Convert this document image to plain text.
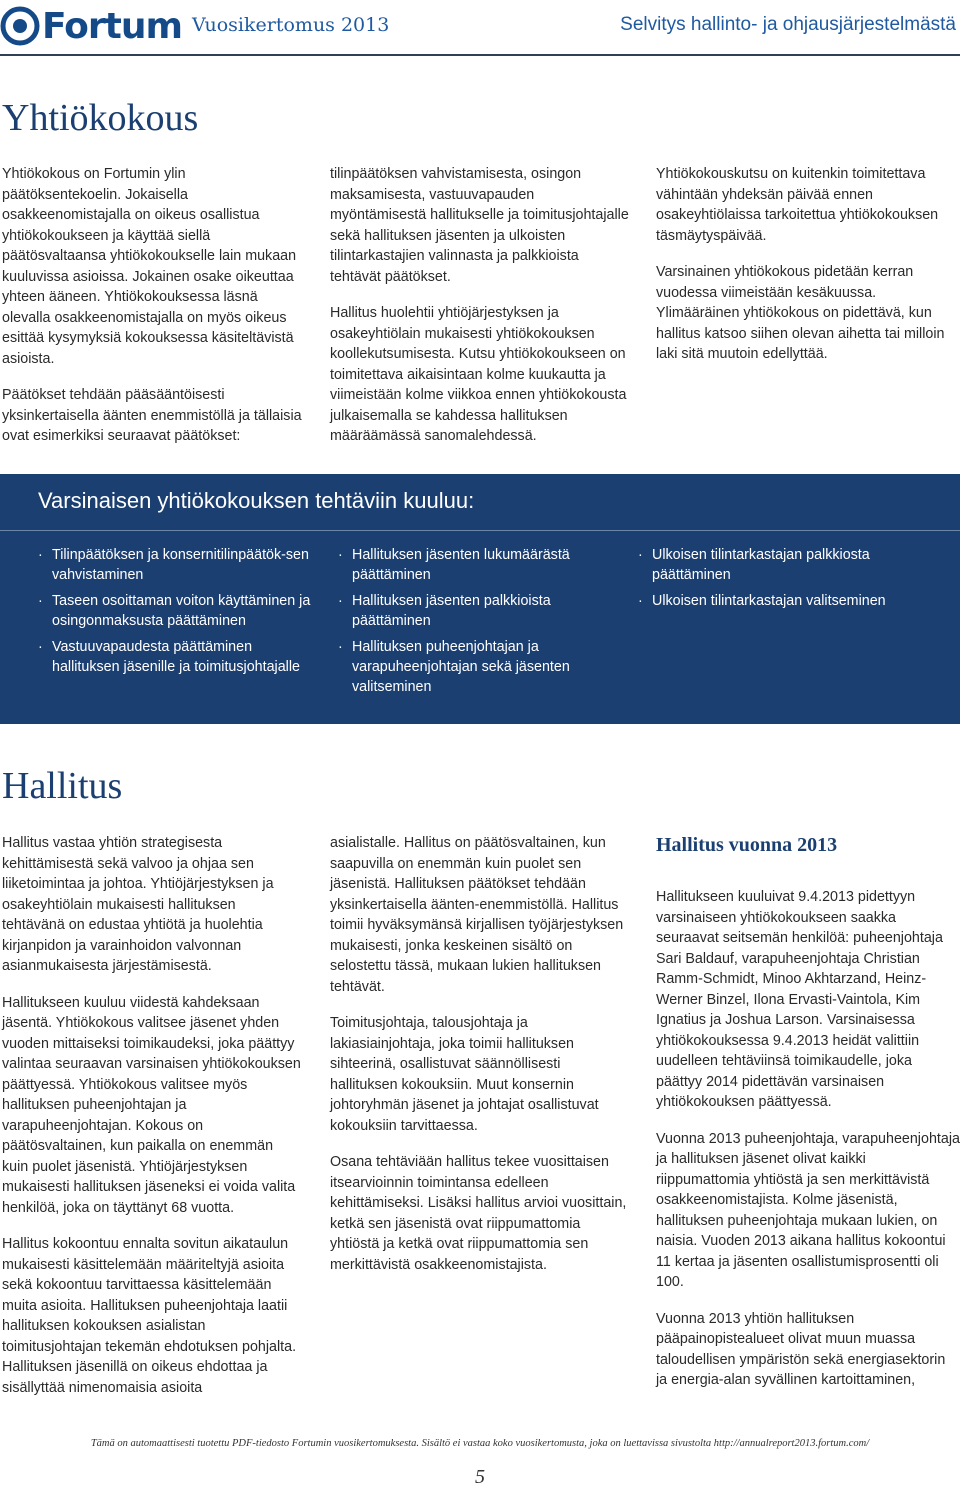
Fortum Vuosikertomus 2013	Selvitys hallinto- ja ohjausjärjestelmästä
Yhtiökokous

Yhtiökokous on Fortumin ylin päätöksentekoelin. Jokaisella osakkeenomistajalla on oikeus osallistua yhtiökokoukseen ja käyttää siellä päätösvaltaansa yhtiökokoukselle lain mukaan kuuluvissa asioissa. Jokainen osake oikeuttaa yhteen ääneen. Yhtiökokouksessa läsnä olevalla osakkeenomistajalla on myös oikeus esittää kysymyksiä kokouksessa käsiteltävistä asioista.

Päätökset tehdään pääsääntöisesti yksinkertaisella äänten enemmistöllä ja tällaisia ovat esimerkiksi seuraavat päätökset:

tilinpäätöksen vahvistamisesta, osingon maksamisesta, vastuuvapauden myöntämisestä hallitukselle ja toimitusjohtajalle sekä hallituksen jäsenten ja ulkoisten tilintarkastajien valinnasta ja palkkioista tehtävät päätökset.

Hallitus huolehtii yhtiöjärjestyksen ja osakeyhtiölain mukaisesti yhtiökokouksen koollekutsumisesta. Kutsu yhtiökokoukseen on toimitettava aikaisintaan kolme kuukautta ja viimeistään kolme viikkoa ennen yhtiökokousta julkaisemalla se kahdessa hallituksen määräämässä sanomalehdessä.

Yhtiökokouskutsu on kuitenkin toimitettava vähintään yhdeksän päivää ennen osakeyhtiölaissa tarkoitettua yhtiökokouksen täsmäytyspäivää.

Varsinainen yhtiökokous pidetään kerran vuodessa viimeistään kesäkuussa. Ylimääräinen yhtiökokous on pidettävä, kun hallitus katsoo siihen olevan aihetta tai milloin laki sitä muutoin edellyttää.

Varsinaisen yhtiökokouksen tehtäviin kuuluu:
· Tilinpäätöksen ja konsernitilinpäätök-sen vahvistaminen
· Taseen osoittaman voiton käyttäminen ja osingonmaksusta päättäminen
· Vastuuvapaudesta päättäminen hallituksen jäsenille ja toimitusjohtajalle
· Hallituksen jäsenten lukumäärästä päättäminen
· Hallituksen jäsenten palkkioista päättäminen
· Hallituksen puheenjohtajan ja varapuheenjohtajan sekä jäsenten valitseminen
· Ulkoisen tilintarkastajan palkkiosta päättäminen
· Ulkoisen tilintarkastajan valitseminen
Hallitus

Hallitus vastaa yhtiön strategisesta kehittämisestä sekä valvoo ja ohjaa sen liiketoimintaa ja johtoa. Yhtiöjärjestyksen ja osakeyhtiölain mukaisesti hallituksen tehtävänä on edustaa yhtiötä ja huolehtia kirjanpidon ja varainhoidon valvonnan asianmukaisesta järjestämisestä.

Hallitukseen kuuluu viidestä kahdeksaan jäsentä. Yhtiökokous valitsee jäsenet yhden vuoden mittaiseksi toimikaudeksi, joka päättyy valintaa seuraavan varsinaisen yhtiökokouksen päättyessä. Yhtiökokous valitsee myös hallituksen puheenjohtajan ja varapuheenjohtajan. Kokous on päätösvaltainen, kun paikalla on enemmän kuin puolet jäsenistä. Yhtiöjärjestyksen mukaisesti hallituksen jäseneksi ei voida valita henkilöä, joka on täyttänyt 68 vuotta.

Hallitus kokoontuu ennalta sovitun aikataulun mukaisesti käsittelemään määriteltyjä asioita sekä kokoontuu tarvittaessa käsittelemään muita asioita. Hallituksen puheenjohtaja laatii hallituksen kokouksen asialistan toimitusjohtajan tekemän ehdotuksen pohjalta. Hallituksen jäsenillä on oikeus ehdottaa ja sisällyttää nimenomaisia asioita

asialistalle. Hallitus on päätösvaltainen, kun saapuvilla on enemmän kuin puolet sen jäsenistä. Hallituksen päätökset tehdään yksinkertaisella äänten-enemmistöllä. Hallitus toimii hyväksymänsä kirjallisen työjärjestyksen mukaisesti, jonka keskeinen sisältö on selostettu tässä, mukaan lukien hallituksen tehtävät.

Toimitusjohtaja, talousjohtaja ja lakiasiainjohtaja, joka toimii hallituksen sihteerinä, osallistuvat säännöllisesti hallituksen kokouksiin. Muut konsernin johtoryhmän jäsenet ja johtajat osallistuvat kokouksiin tarvittaessa.

Osana tehtäviään hallitus tekee vuosittaisen itsearvioinnin toimintansa edelleen kehittämiseksi. Lisäksi hallitus arvioi vuosittain, ketkä sen jäsenistä ovat riippumattomia yhtiöstä ja ketkä ovat riippumattomia sen merkittävistä osakkeenomistajista.

Hallitus vuonna 2013

Hallitukseen kuuluivat 9.4.2013 pidettyyn varsinaiseen yhtiökokoukseen saakka seuraavat seitsemän henkilöä: puheenjohtaja Sari Baldauf, varapuheenjohtaja Christian Ramm-Schmidt, Minoo Akhtarzand, Heinz-Werner Binzel, Ilona Ervasti-Vaintola, Kim Ignatius ja Joshua Larson. Varsinaisessa yhtiökokouksessa 9.4.2013 heidät valittiin uudelleen tehtäviinsä toimikaudelle, joka päättyy 2014 pidettävän varsinaisen yhtiökokouksen päättyessä.

Vuonna 2013 puheenjohtaja, varapuheenjohtaja ja hallituksen jäsenet olivat kaikki riippumattomia yhtiöstä ja sen merkittävistä osakkeenomistajista. Kolme jäsenistä, hallituksen puheenjohtaja mukaan lukien, on naisia. Vuoden 2013 aikana hallitus kokoontui 11 kertaa ja jäsenten osallistumisprosentti oli 100.

Vuonna 2013 yhtiön hallituksen pääpainopistealueet olivat muun muassa taloudellisen ympäristön sekä energiasektorin ja energia-alan syvällinen kartoittaminen,

Tämä on automaattisesti tuotettu PDF-tiedosto Fortumin vuosikertomuksesta. Sisältö ei vastaa koko vuosikertomusta, joka on luettavissa sivustolta http://annualreport2013.fortum.com/
5
